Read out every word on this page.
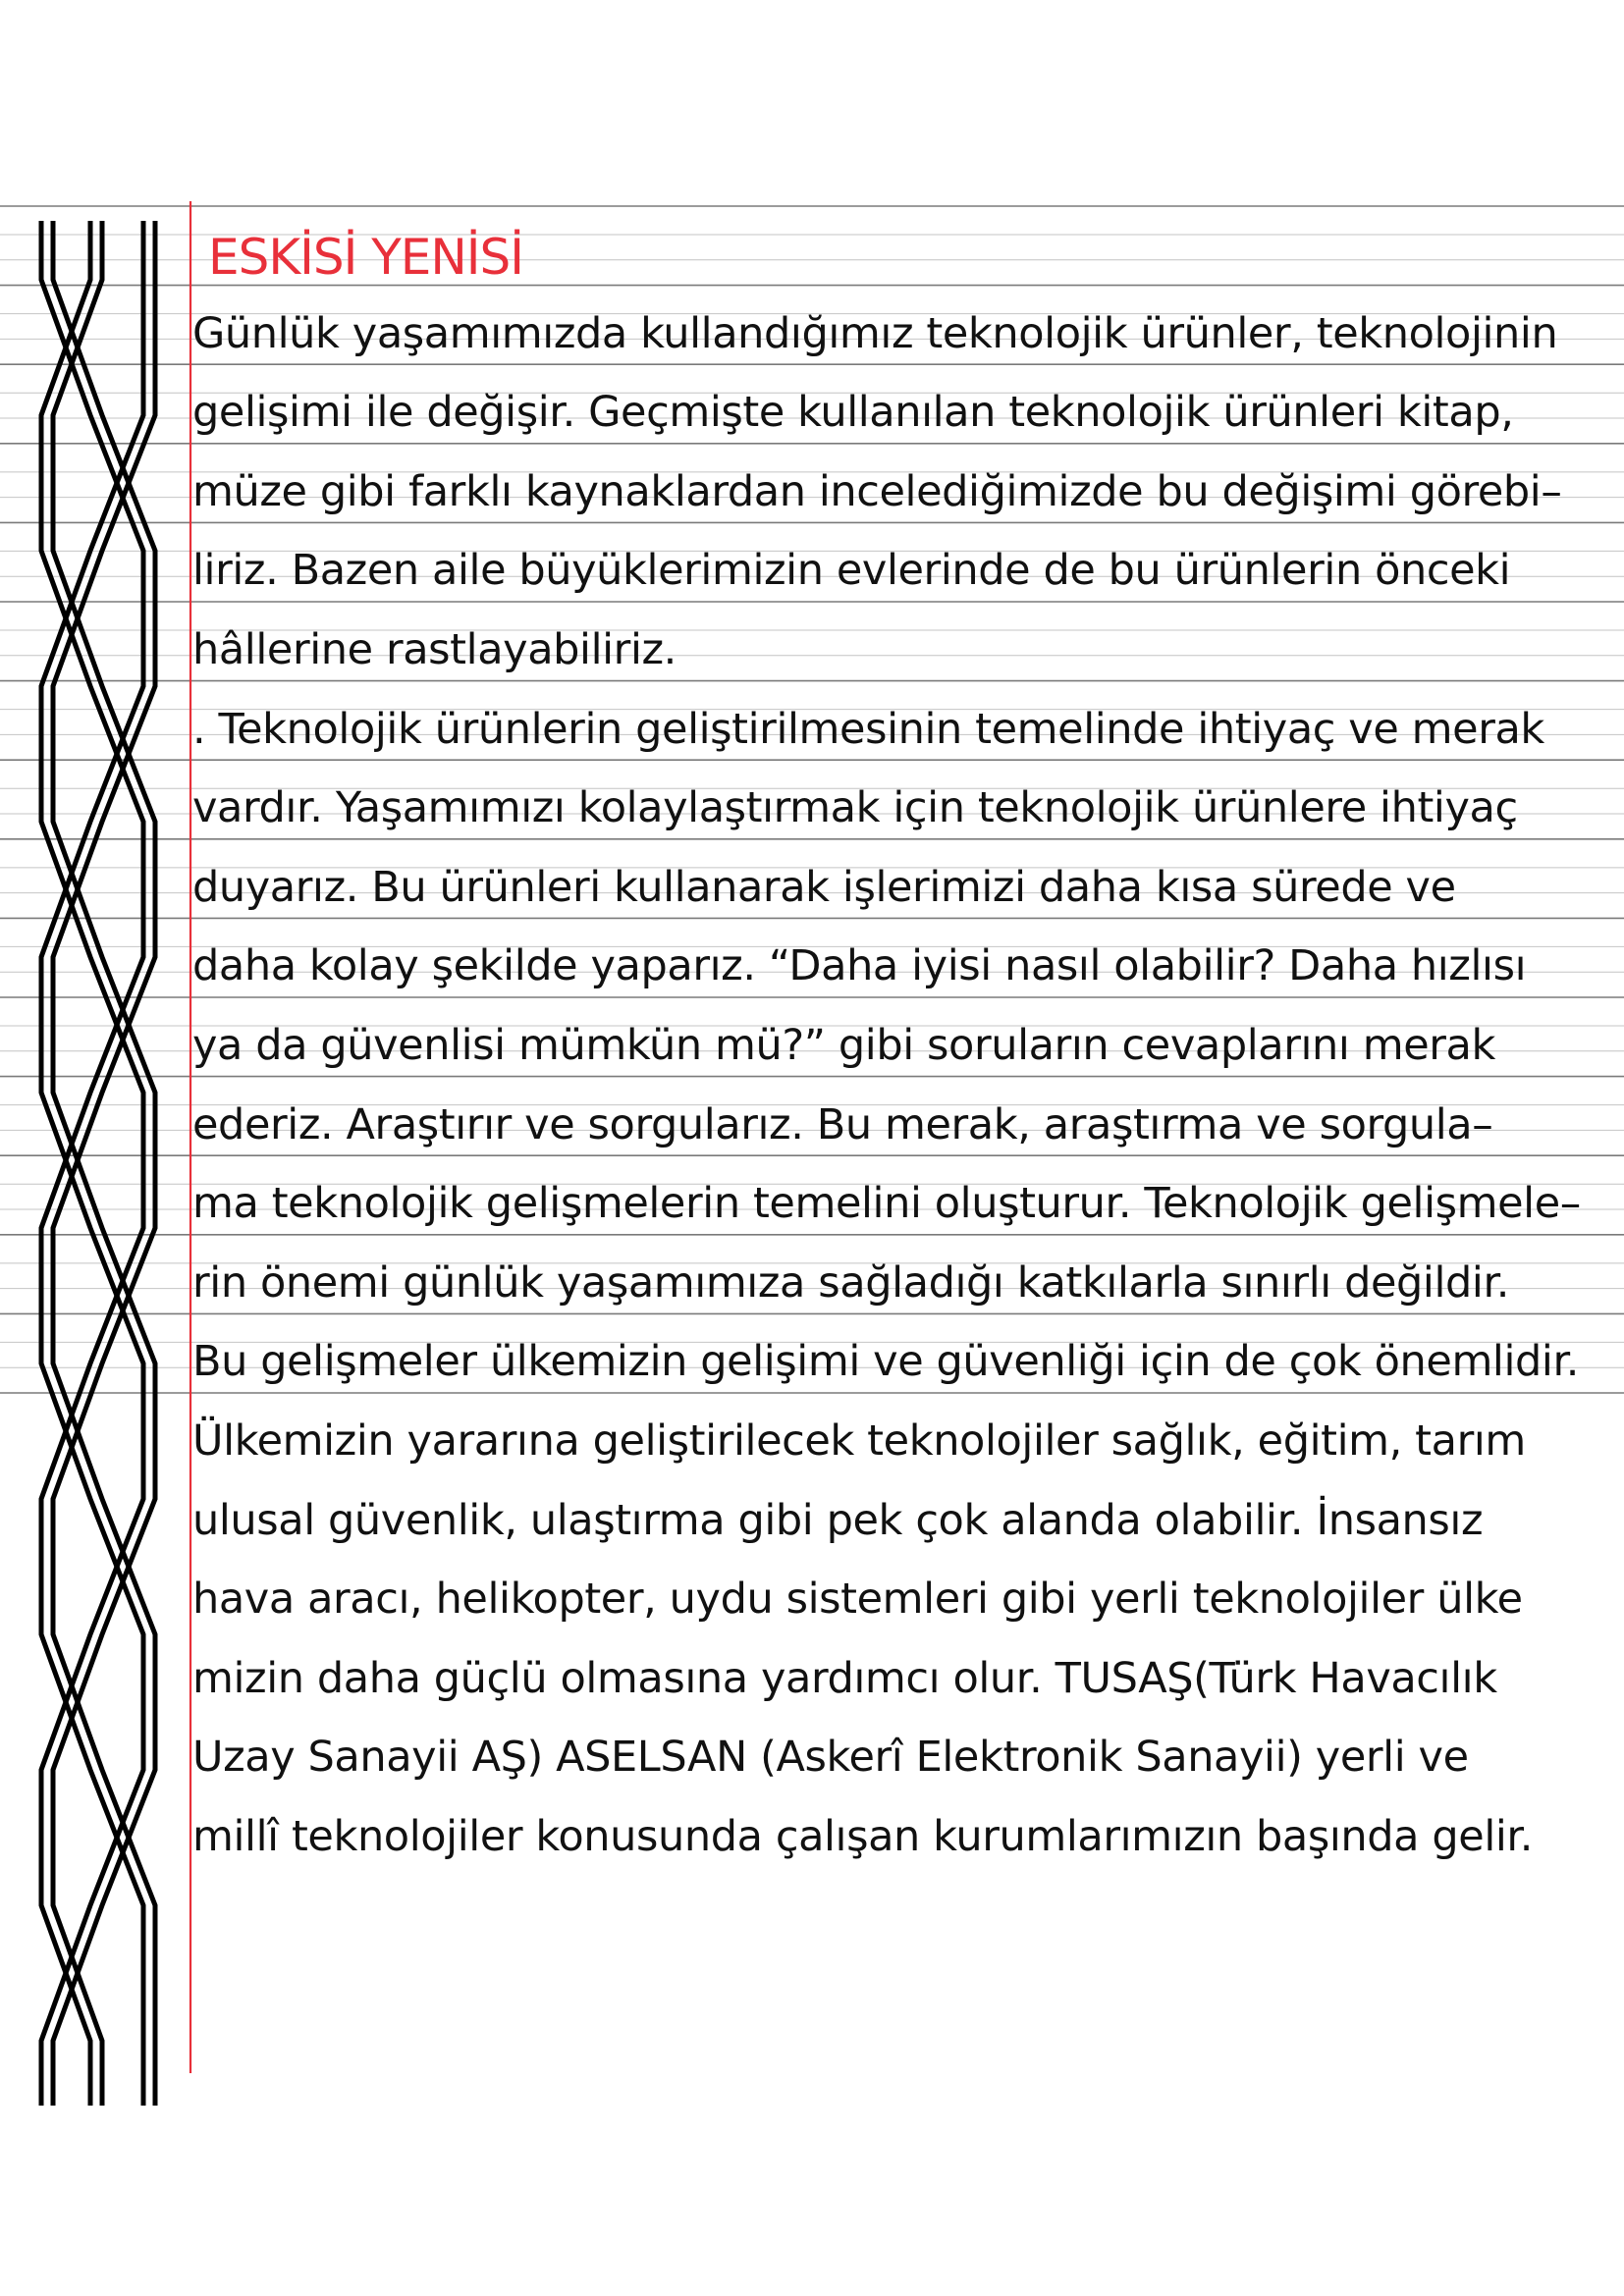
ESKİSİ YENİSİ

Günlük yaşamımızda kullandığımız teknolojik ürünler, teknolojinin

gelişimi ile değişir. Geçmişte kullanılan teknolojik ürünleri kitap,

müze gibi farklı kaynaklardan incelediğimizde bu değişimi görebi–

liriz. Bazen aile büyüklerimizin evlerinde de bu ürünlerin önceki

hâllerine rastlayabiliriz.

. Teknolojik ürünlerin geliştirilmesinin temelinde ihtiyaç ve merak

vardır. Yaşamımızı kolaylaştırmak için teknolojik ürünlere ihtiyaç

duyarız. Bu ürünleri kullanarak işlerimizi daha kısa sürede ve

daha kolay şekilde yaparız. “Daha iyisi nasıl olabilir? Daha hızlısı

ya da güvenlisi mümkün mü?” gibi soruların cevaplarını merak

ederiz. Araştırır ve sorgularız. Bu merak, araştırma ve sorgula–

ma teknolojik gelişmelerin temelini oluşturur. Teknolojik gelişmele–

rin önemi günlük yaşamımıza sağladığı katkılarla sınırlı değildir.

Bu gelişmeler ülkemizin gelişimi ve güvenliği için de çok önemlidir.

Ülkemizin yararına geliştirilecek teknolojiler sağlık, eğitim, tarım

ulusal güvenlik, ulaştırma gibi pek çok alanda olabilir. İnsansız

hava aracı, helikopter, uydu sistemleri gibi yerli teknolojiler ülke

mizin daha güçlü olmasına yardımcı olur. TUSAŞ(Türk Havacılık

Uzay Sanayii AŞ) ASELSAN (Askerî Elektronik Sanayii) yerli ve

millî teknolojiler konusunda çalışan kurumlarımızın başında gelir.
